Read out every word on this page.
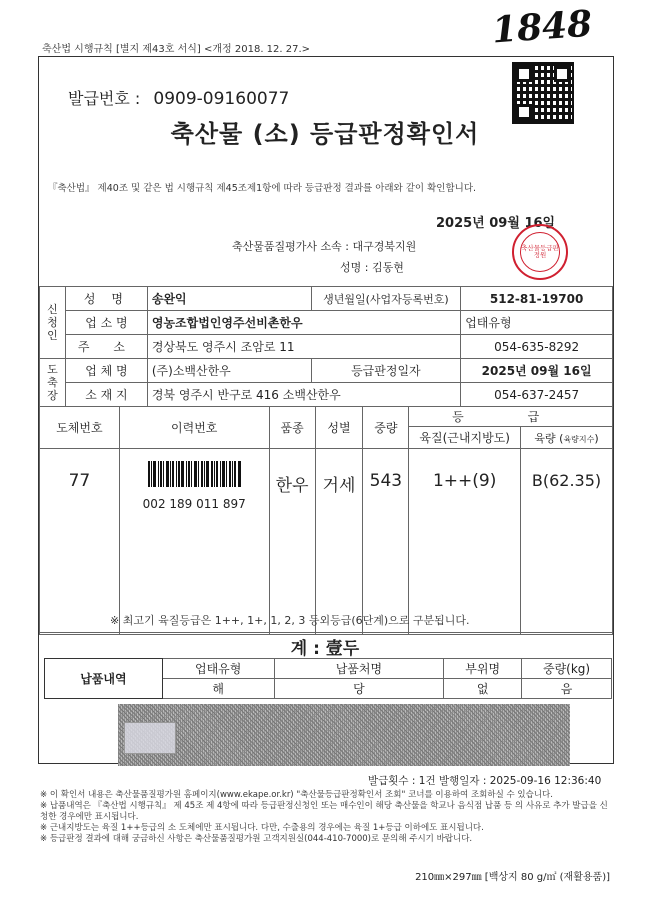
축산법 시행규칙 [별지 제43호 서식] <개정 2018. 12. 27.>	1848
발급번호 : 0909-09160077
축산물 (소) 등급판정확인서
『축산법』 제40조 및 같은 법 시행규칙 제45조제1항에 따라 등급판정 결과를 아래와 같이 확인합니다.
2025년 09월 16일
축산물품질평가사 소속 : 대구경북지원
성명 : 김동현
축산물등급판정원
신청인	성 명	송완익	생년월일(사업자등록번호)	512-81-19700
	업 소 명	영농조합법인영주선비촌한우		업태유형
	주 소	경상북도 영주시 조암로 11		054-635-8292
도축장	업 체 명	(주)소백산한우	등급판정일자	2025년 09월 16일
	소 재 지	경북 영주시 반구로 416 소백산한우		054-637-2457
도체번호	이력번호	품종	성별	중량	등 급	
					육질(근내지방도)	육량 (육량지수)
77	002 189 011 897	한우	거세	543	1++(9)	B(62.35)
※ 최고기 육질등급은 1++, 1+, 1, 2, 3 등외등급(6단계)으로 구분됩니다.
계 : 壹두
납품내역	업태유형	납품처명	부위명	중량(kg)
	해	당	없	음
발급횟수 : 1건 발행일자 : 2025-09-16 12:36:40
※ 이 확인서 내용은 축산물품질평가원 홈페이지(www.ekape.or.kr) "축산물등급판정확인서 조회" 코너를 이용하여 조회하실 수 있습니다.
※ 납품내역은 『축산법 시행규칙』 제 45조 제 4항에 따라 등급판정신청인 또는 매수인이 해당 축산물을 학교나 음식점 납품 등 의 사유로 추가 발급을 신청한 경우에만 표시됩니다.
※ 근내지방도는 육질 1++등급의 소 도체에만 표시됩니다. 다만, 수출용의 경우에는 육질 1+등급 이하에도 표시됩니다.
※ 등급판정 결과에 대해 궁금하신 사항은 축산물품질평가원 고객지원실(044-410-7000)로 문의해 주시기 바랍니다.
210㎜×297㎜ [백상지 80 g/㎡ (재활용품)]
